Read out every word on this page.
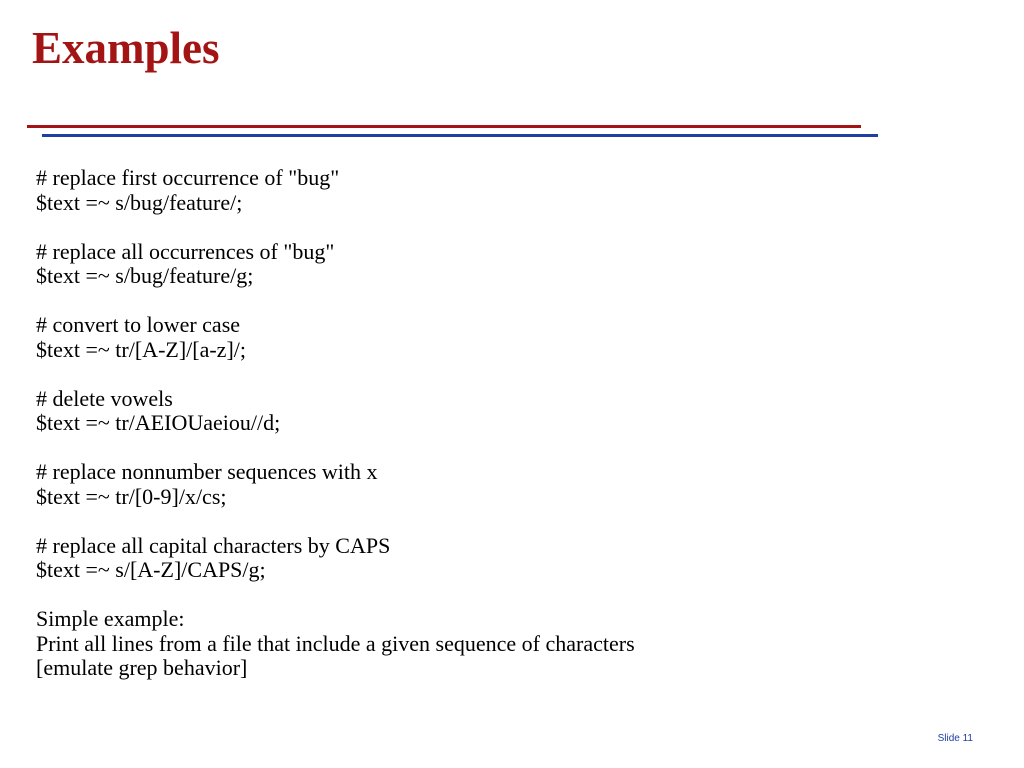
Examples
# replace first occurrence of "bug"
$text =~ s/bug/feature/;
# replace all occurrences of "bug"
$text =~ s/bug/feature/g;
# convert to lower case
$text =~ tr/[A-Z]/[a-z]/;
# delete vowels
$text =~ tr/AEIOUaeiou//d;
# replace nonnumber sequences with x
$text =~ tr/[0-9]/x/cs;
# replace all capital characters by CAPS
$text =~ s/[A-Z]/CAPS/g;
Simple example:
Print all lines from a file that include a given sequence of characters
[emulate grep behavior]
Slide 11
